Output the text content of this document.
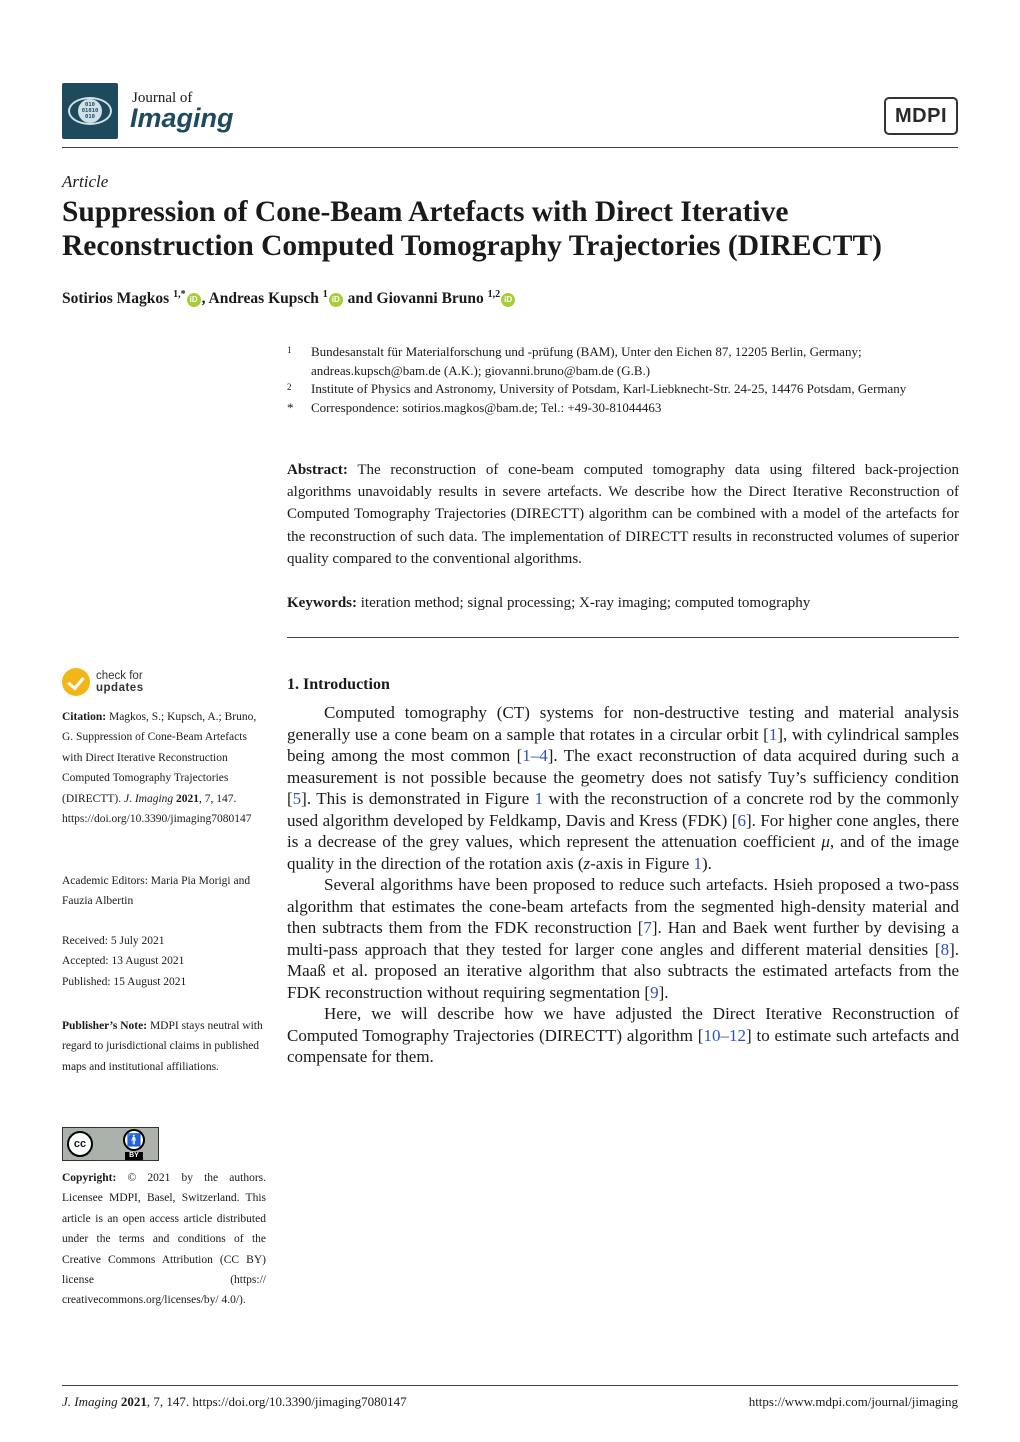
010
01010
010
Journal of
Imaging	MDPI
Article
Suppression of Cone-Beam Artefacts with Direct Iterative Reconstruction Computed Tomography Trajectories (DIRECTT)
Sotirios Magkos $^{1,*}$ iD , Andreas Kupsch $^1$ iD and Giovanni Bruno $^{1,2}$ iD
1	Bundesanstalt für Materialforschung und -prüfung (BAM), Unter den Eichen 87, 12205 Berlin, Germany; andreas.kupsch@bam.de (A.K.); giovanni.bruno@bam.de (G.B.)
2	Institute of Physics and Astronomy, University of Potsdam, Karl-Liebknecht-Str. 24-25, 14476 Potsdam, Germany
*	Correspondence: sotirios.magkos@bam.de; Tel.: +49-30-81044463
Abstract: The reconstruction of cone-beam computed tomography data using filtered back-projection algorithms unavoidably results in severe artefacts. We describe how the Direct Iterative Reconstruction of Computed Tomography Trajectories (DIRECTT) algorithm can be combined with a model of the artefacts for the reconstruction of such data. The implementation of DIRECTT results in reconstructed volumes of superior quality compared to the conventional algorithms.
Keywords: iteration method; signal processing; X-ray imaging; computed tomography
check for
updates
Citation: Magkos, S.; Kupsch, A.; Bruno, G. Suppression of Cone-Beam Artefacts with Direct Iterative Reconstruction Computed Tomography Trajectories (DIRECTT). J. Imaging 2021, 7, 147. https://doi.org/10.3390/jimaging7080147
Academic Editors: Maria Pia Morigi and Fauzia Albertin
Received: 5 July 2021
Accepted: 13 August 2021
Published: 15 August 2021
Publisher’s Note: MDPI stays neutral with regard to jurisdictional claims in published maps and institutional affiliations.
cc	🚹
BY
Copyright: © 2021 by the authors. Licensee MDPI, Basel, Switzerland. This article is an open access article distributed under the terms and conditions of the Creative Commons Attribution (CC BY) license (https:// creativecommons.org/licenses/by/ 4.0/).
1. Introduction

Computed tomography (CT) systems for non-destructive testing and material analysis generally use a cone beam on a sample that rotates in a circular orbit [1], with cylindrical samples being among the most common [1–4]. The exact reconstruction of data acquired during such a measurement is not possible because the geometry does not satisfy Tuy’s sufficiency condition [5]. This is demonstrated in Figure 1 with the reconstruction of a concrete rod by the commonly used algorithm developed by Feldkamp, Davis and Kress (FDK) [6]. For higher cone angles, there is a decrease of the grey values, which represent the attenuation coefficient μ, and of the image quality in the direction of the rotation axis (z-axis in Figure 1).

Several algorithms have been proposed to reduce such artefacts. Hsieh proposed a two-pass algorithm that estimates the cone-beam artefacts from the segmented high-density material and then subtracts them from the FDK reconstruction [7]. Han and Baek went further by devising a multi-pass approach that they tested for larger cone angles and different material densities [8]. Maaß et al. proposed an iterative algorithm that also subtracts the estimated artefacts from the FDK reconstruction without requiring segmentation [9].

Here, we will describe how we have adjusted the Direct Iterative Reconstruction of Computed Tomography Trajectories (DIRECTT) algorithm [10–12] to estimate such artefacts and compensate for them.

J. Imaging 2021, 7, 147. https://doi.org/10.3390/jimaging7080147	https://www.mdpi.com/journal/jimaging
